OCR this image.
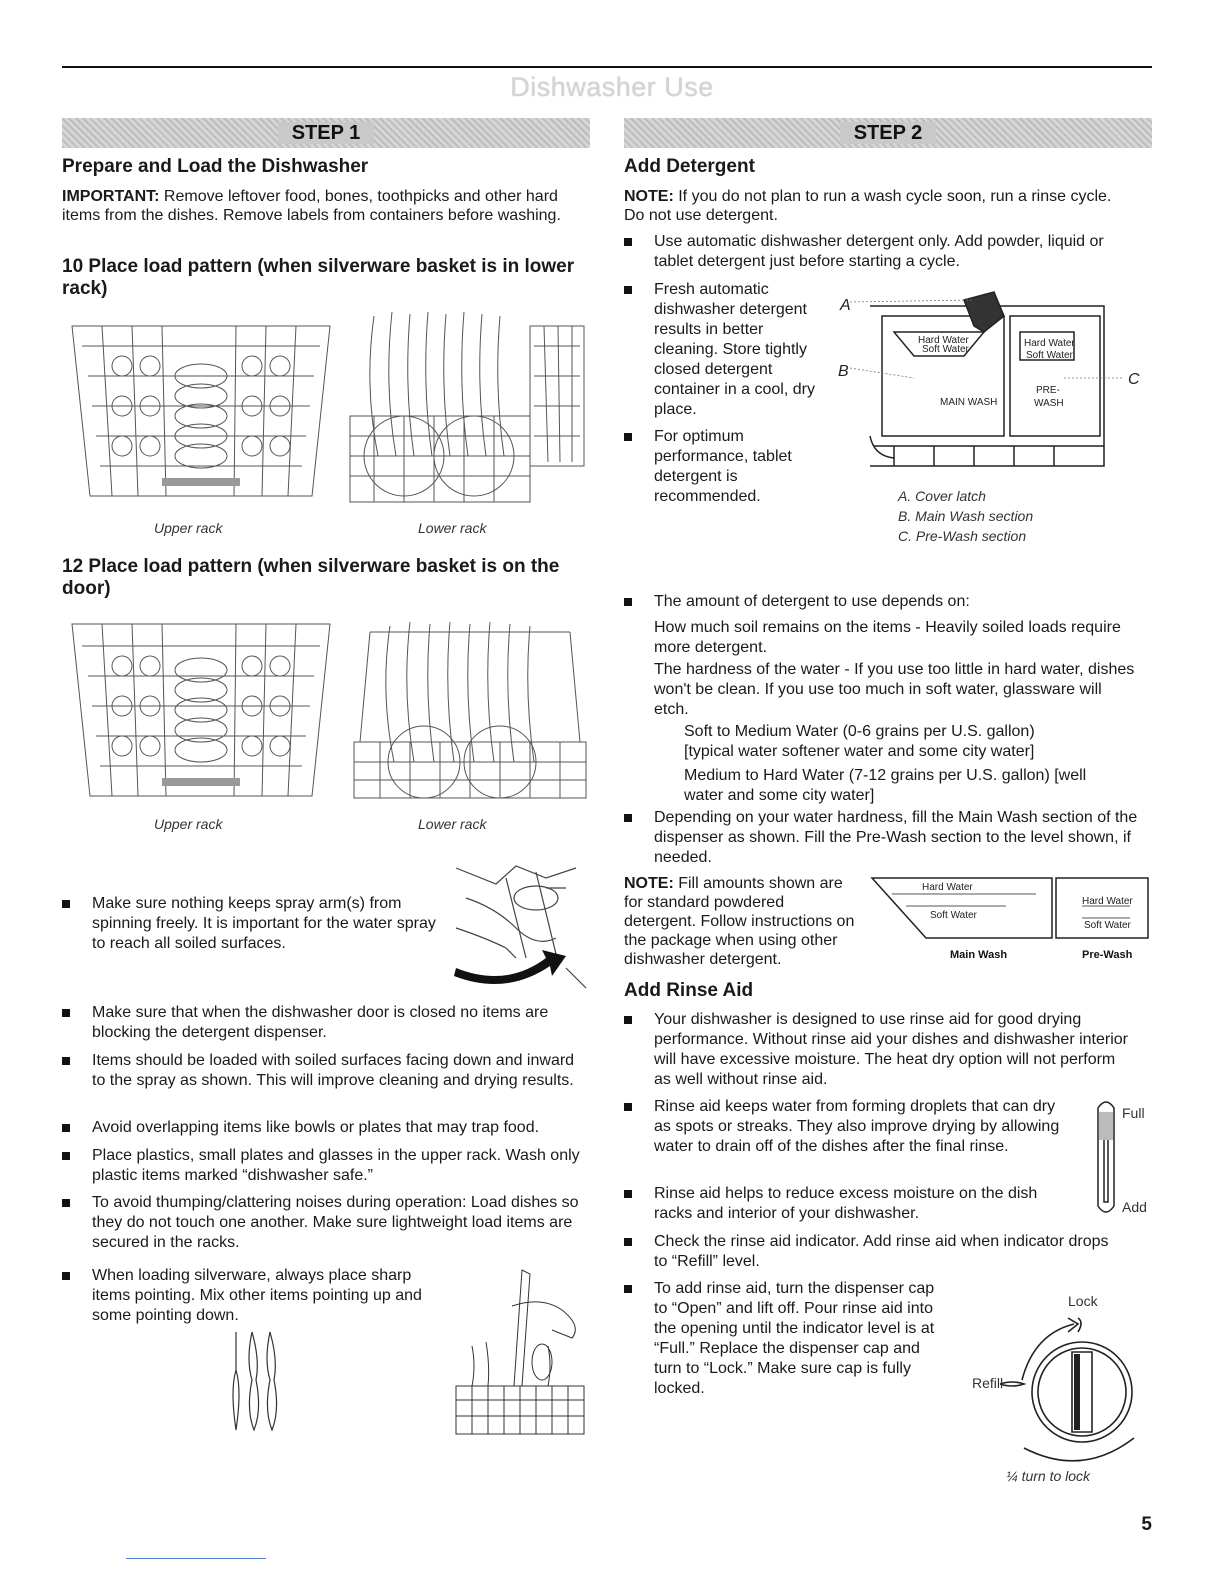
Dishwasher Use
STEP 1	STEP 2
Prepare and Load the Dishwasher
IMPORTANT: Remove leftover food, bones, toothpicks and other hard items from the dishes. Remove labels from containers before washing.
10 Place load pattern (when silverware basket is in lower rack)
Upper rack	Lower rack
12 Place load pattern (when silverware basket is on the door)
Upper rack	Lower rack
Make sure nothing keeps spray arm(s) from spinning freely. It is important for the water spray to reach all soiled surfaces.
Make sure that when the dishwasher door is closed no items are blocking the detergent dispenser.
Items should be loaded with soiled surfaces facing down and inward to the spray as shown. This will improve cleaning and drying results.
Avoid overlapping items like bowls or plates that may trap food.
Place plastics, small plates and glasses in the upper rack. Wash only plastic items marked “dishwasher safe.”
To avoid thumping/clattering noises during operation: Load dishes so they do not touch one another. Make sure lightweight load items are secured in the racks.
When loading silverware, always place sharp items pointing. Mix other items pointing up and some pointing down.
Add Detergent
NOTE: If you do not plan to run a wash cycle soon, run a rinse cycle. Do not use detergent.
Use automatic dishwasher detergent only. Add powder, liquid or tablet detergent just before starting a cycle.
Fresh automatic dishwasher detergent results in better cleaning. Store tightly closed detergent container in a cool, dry place.
For optimum performance, tablet detergent is recommended.
A
B	C
Hard Water
Soft Water
Hard Water
Soft Water
MAIN WASH
PRE-
WASH
A. Cover latch
B. Main Wash section
C. Pre-Wash section
The amount of detergent to use depends on:
How much soil remains on the items - Heavily soiled loads require more detergent.
The hardness of the water - If you use too little in hard water, dishes won't be clean. If you use too much in soft water, glassware will etch.
Soft to Medium Water (0-6 grains per U.S. gallon) [typical water softener water and some city water]
Medium to Hard Water (7-12 grains per U.S. gallon) [well water and some city water]
Depending on your water hardness, fill the Main Wash section of the dispenser as shown. Fill the Pre-Wash section to the level shown, if needed.
NOTE: Fill amounts shown are for standard powdered detergent. Follow instructions on the package when using other dishwasher detergent.
Hard Water
Soft Water
Hard Water
Soft Water
Main Wash	Pre-Wash
Add Rinse Aid
Your dishwasher is designed to use rinse aid for good drying performance. Without rinse aid your dishes and dishwasher interior will have excessive moisture. The heat dry option will not perform as well without rinse aid.
Rinse aid keeps water from forming droplets that can dry as spots or streaks. They also improve drying by allowing water to drain off of the dishes after the final rinse.
Rinse aid helps to reduce excess moisture on the dish racks and interior of your dishwasher.
Check the rinse aid indicator. Add rinse aid when indicator drops to “Refill” level.
To add rinse aid, turn the dispenser cap to “Open” and lift off. Pour rinse aid into the opening until the indicator level is at “Full.” Replace the dispenser cap and turn to “Lock.” Make sure cap is fully locked.
Full
Add
Lock
Refill
¼ turn to lock
5
